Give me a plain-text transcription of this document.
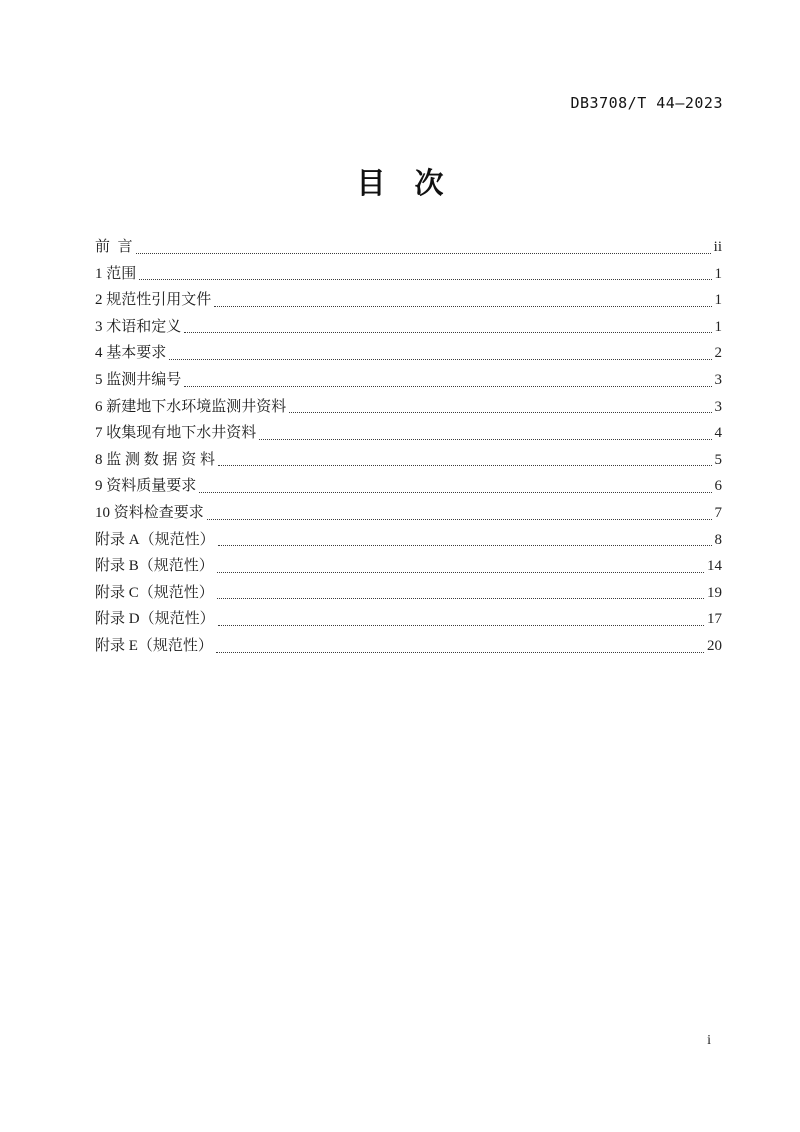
DB3708/T 44—2023
目　次
前  言	ii
1 范围	1
2 规范性引用文件	1
3 术语和定义	1
4 基本要求	2
5 监测井编号	3
6 新建地下水环境监测井资料	3
7 收集现有地下水井资料	4
8 监 测 数 据 资 料	5
9 资料质量要求	6
10 资料检查要求	7
附录 A（规范性）	8
附录 B（规范性）	14
附录 C（规范性）	19
附录 D（规范性）	17
附录 E（规范性）	20
i
